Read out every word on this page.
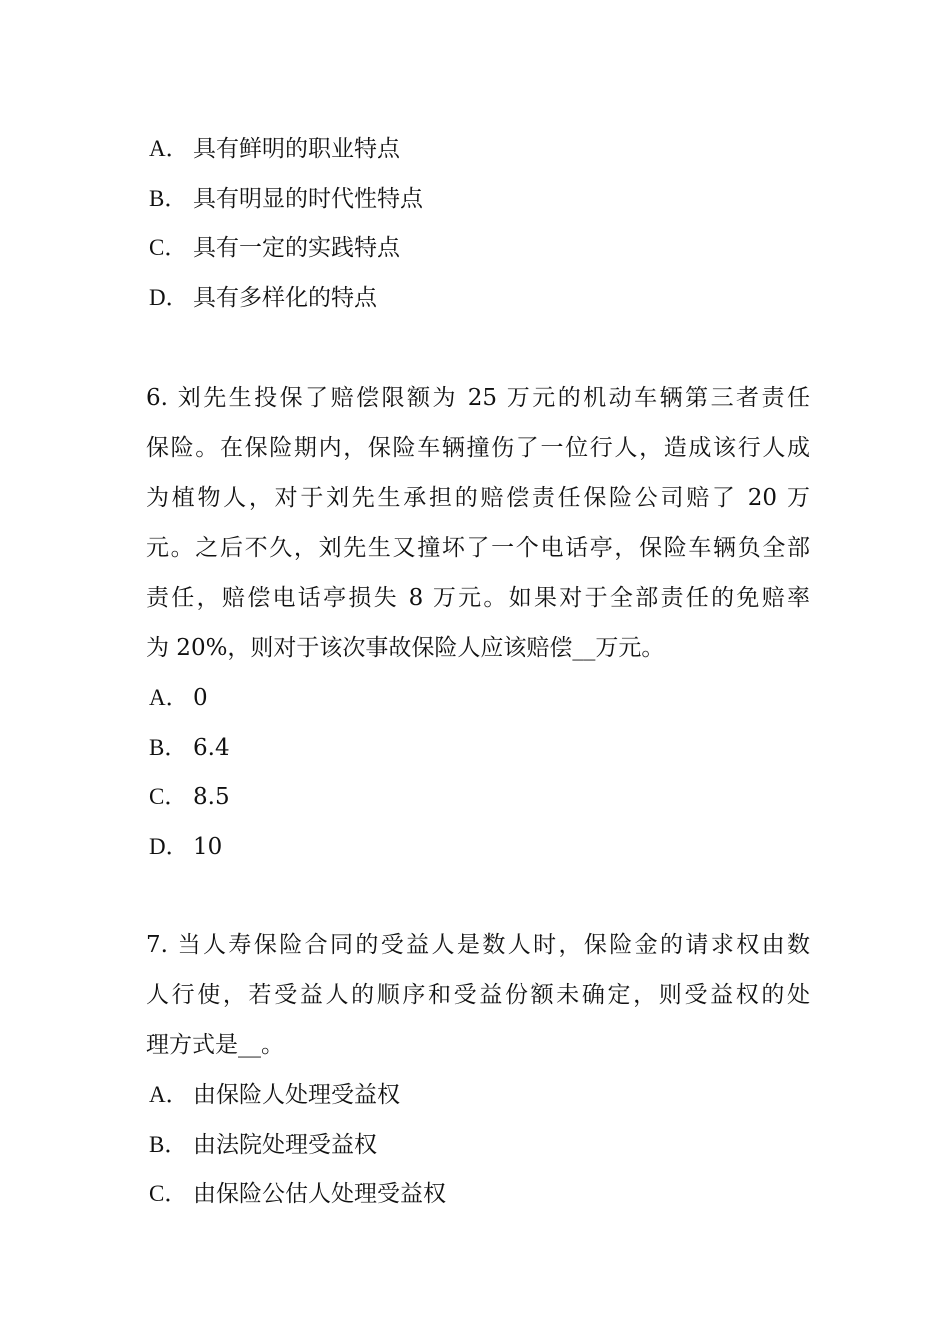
A． 具有鲜明的职业特点
B． 具有明显的时代性特点
C． 具有一定的实践特点
D． 具有多样化的特点
6. 刘先生投保了赔偿限额为 25 万元的机动车辆第三者责任
保险。在保险期内，保险车辆撞伤了一位行人，造成该行人成
为植物人，对于刘先生承担的赔偿责任保险公司赔了 20 万
元。之后不久，刘先生又撞坏了一个电话亭，保险车辆负全部
责任，赔偿电话亭损失 8 万元。如果对于全部责任的免赔率
为 20%，则对于该次事故保险人应该赔偿__万元。
A． 0
B． 6.4
C． 8.5
D． 10
7. 当人寿保险合同的受益人是数人时，保险金的请求权由数
人行使，若受益人的顺序和受益份额未确定，则受益权的处
理方式是__。
A． 由保险人处理受益权
B． 由法院处理受益权
C． 由保险公估人处理受益权
